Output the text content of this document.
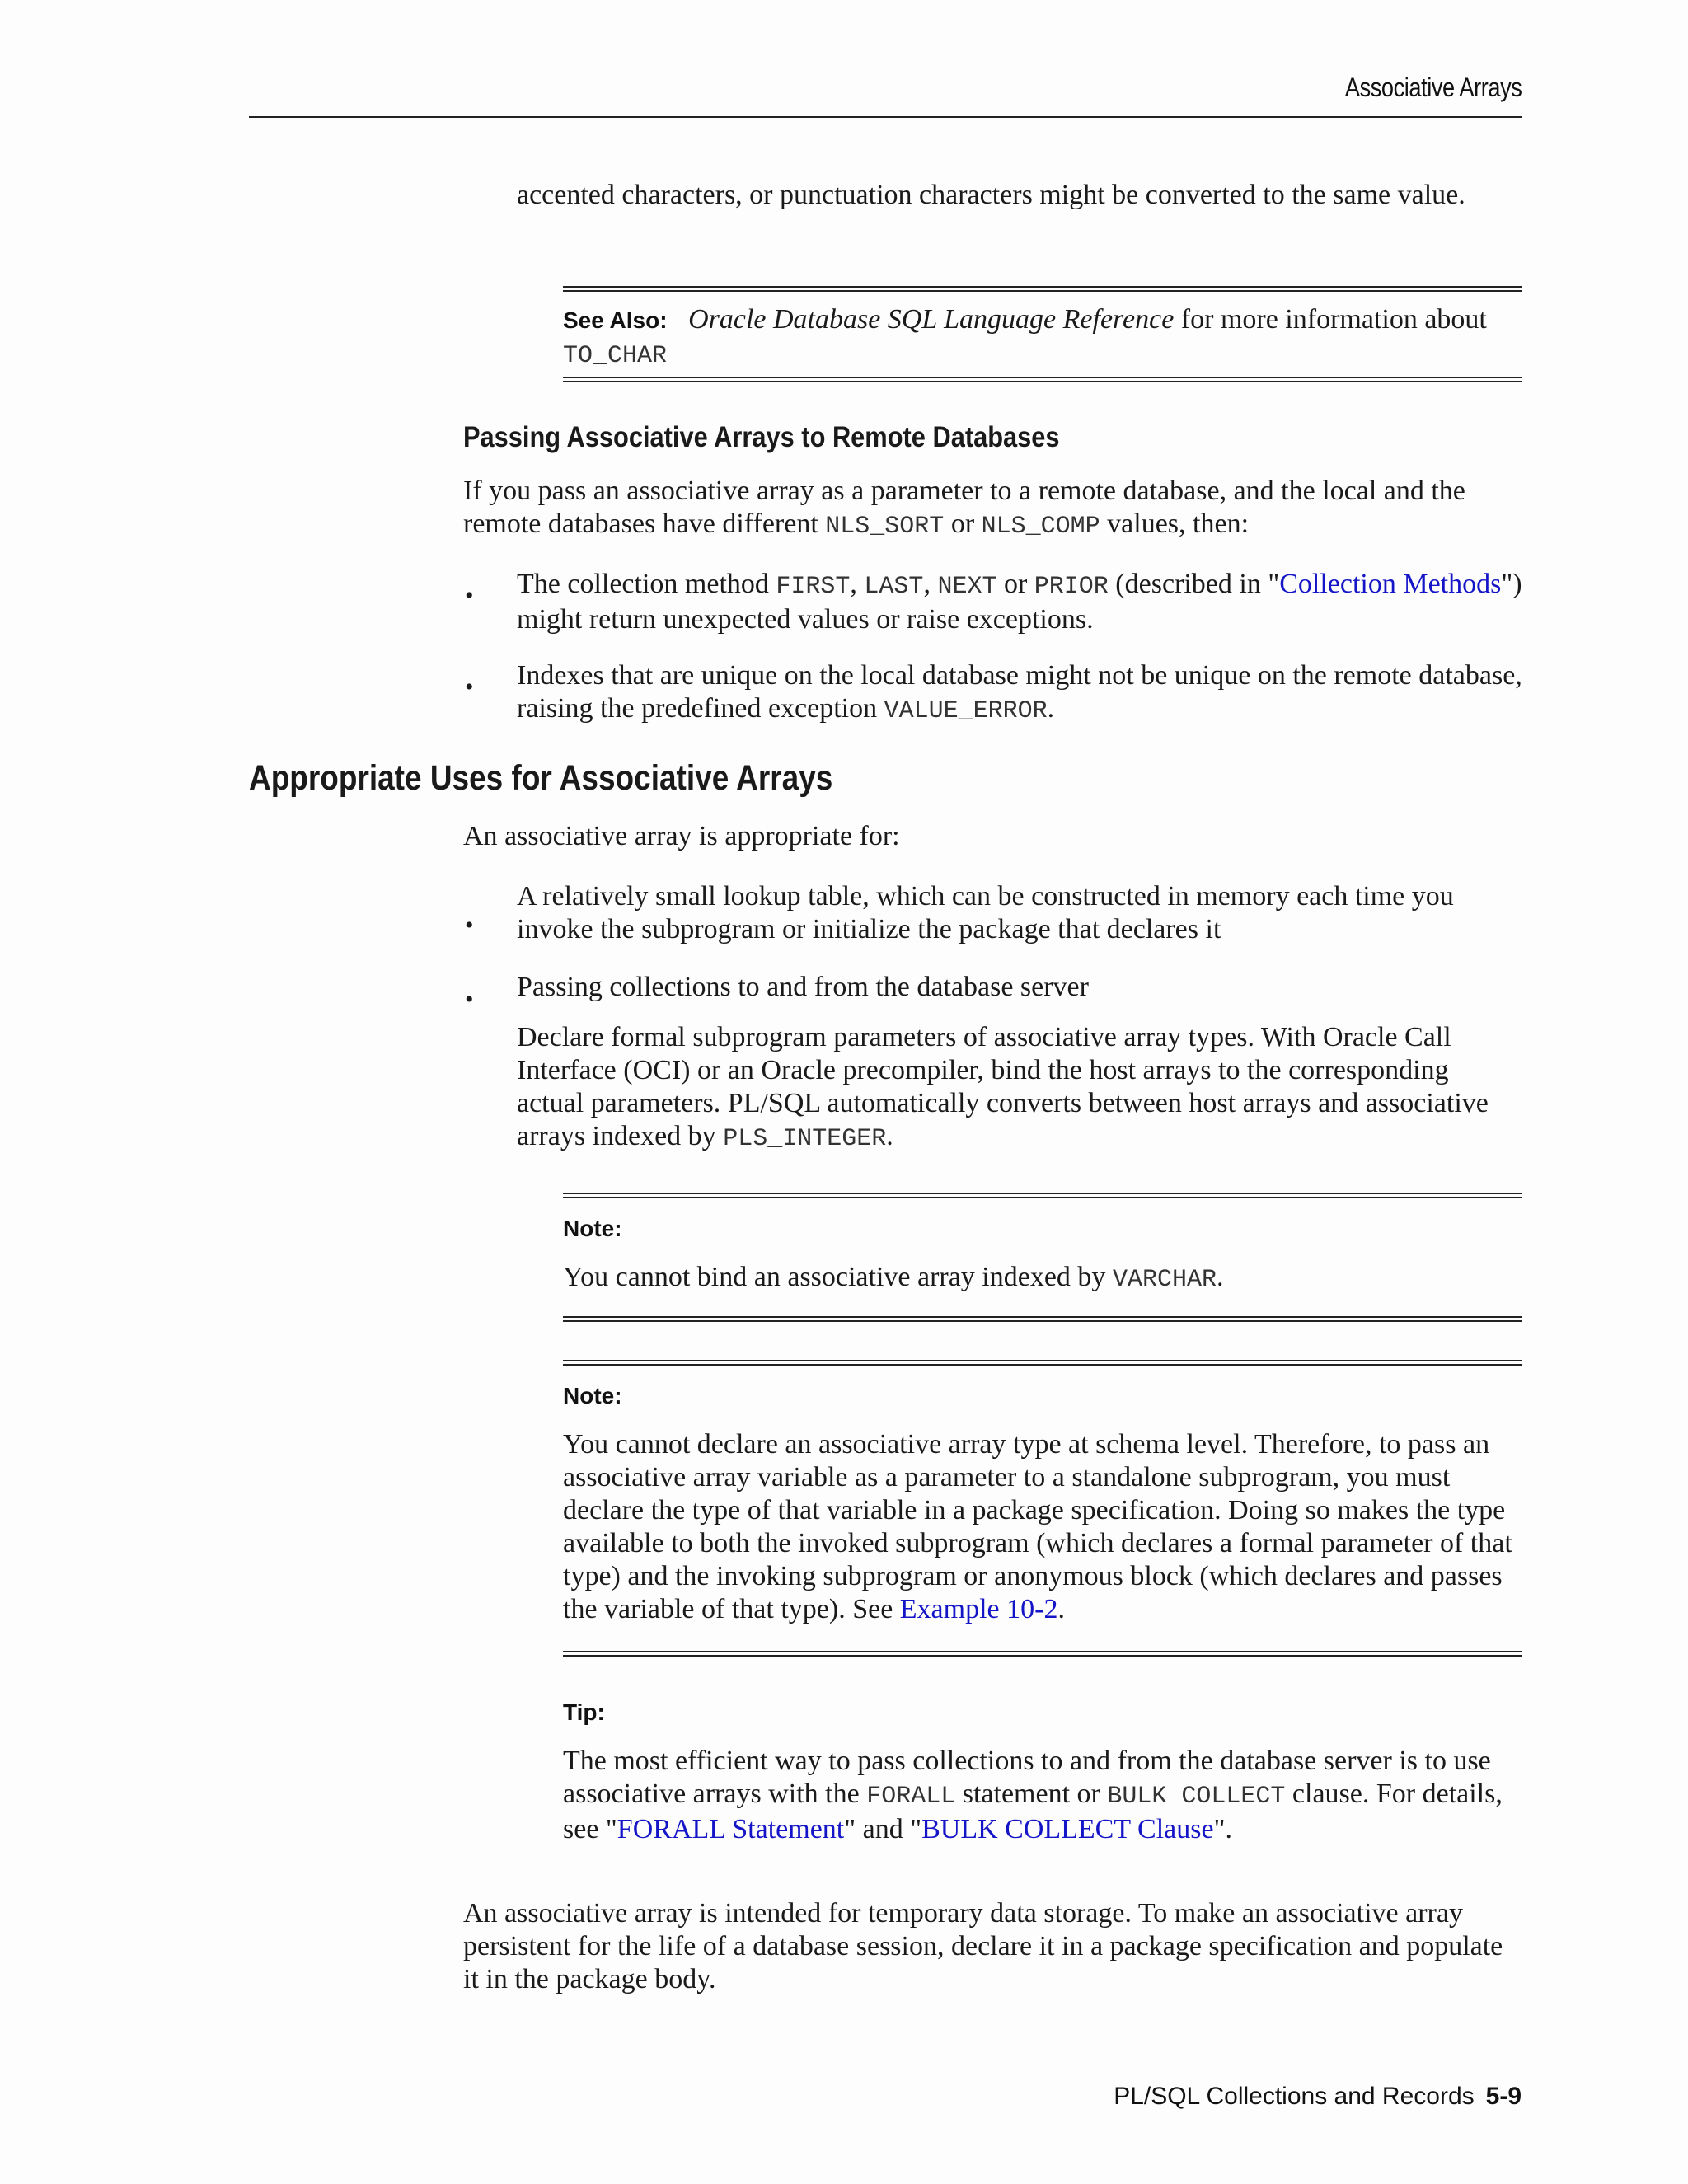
Associative Arrays
accented characters, or punctuation characters might be converted to the same value.
See Also: Oracle Database SQL Language Reference for more information about TO_CHAR
Passing Associative Arrays to Remote Databases
If you pass an associative array as a parameter to a remote database, and the local and the remote databases have different NLS_SORT or NLS_COMP values, then:
• The collection method FIRST, LAST, NEXT or PRIOR (described in "Collection Methods") might return unexpected values or raise exceptions.
• Indexes that are unique on the local database might not be unique on the remote database, raising the predefined exception VALUE_ERROR.
Appropriate Uses for Associative Arrays
An associative array is appropriate for:
•
A relatively small lookup table, which can be constructed in memory each time you invoke the subprogram or initialize the package that declares it
• Passing collections to and from the database server
Declare formal subprogram parameters of associative array types. With Oracle Call Interface (OCI) or an Oracle precompiler, bind the host arrays to the corresponding actual parameters. PL/SQL automatically converts between host arrays and associative arrays indexed by PLS_INTEGER.
Note:
You cannot bind an associative array indexed by VARCHAR.
Note:
You cannot declare an associative array type at schema level. Therefore, to pass an associative array variable as a parameter to a standalone subprogram, you must declare the type of that variable in a package specification. Doing so makes the type available to both the invoked subprogram (which declares a formal parameter of that type) and the invoking subprogram or anonymous block (which declares and passes the variable of that type). See Example 10-2.
Tip:
The most efficient way to pass collections to and from the database server is to use associative arrays with the FORALL statement or BULK COLLECT clause. For details, see "FORALL Statement" and "BULK COLLECT Clause".
An associative array is intended for temporary data storage. To make an associative array persistent for the life of a database session, declare it in a package specification and populate it in the package body.
PL/SQL Collections and Records 5-9
